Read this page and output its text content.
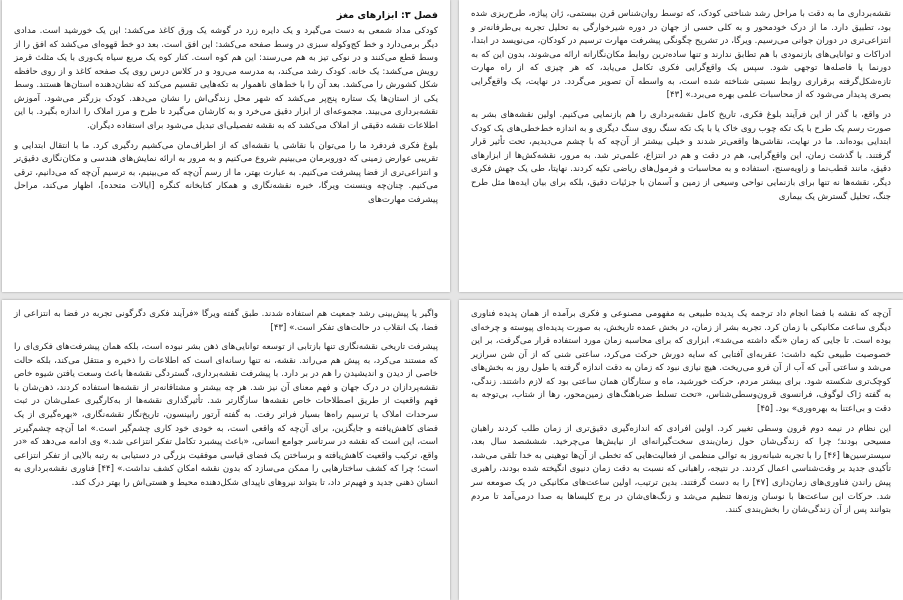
نقشه‌برداری ما به دقت با مراحل رشد شناختی کودک، که توسط روان‌شناس قرن بیستمی، ژان پیاژه، طرح‌ریزی شده بود، تطبیق دارد. ما از درک خودمحور و به کلی حسی از جهان در دوره شیرخوارگی به تحلیل تجربه بی‌طرفانه‌تر و انتزاعی‌تری در دوران جوانی می‌رسیم. ویرگا، در تشریح چگونگی پیشرفت مهارت ترسیم در کودکان، می‌نویسد در ابتدا، ادراکات و توانایی‌های بازنمودی با هم تطابق ندارند و تنها ساده‌ترین روابط مکان‌نگارانه ارائه می‌شوند، بدون این که به دورنما یا فاصله‌ها توجهی شود. سپس یک واقع‌گرایی فکری تکامل می‌یابد، که هر چیزی که از راه مهارت تازه‌شکل‌گرفته برقراری روابط نسبتی شناخته شده است، به واسطه آن تصویر می‌گردد. در نهایت، یک واقع‌گرایی بصری پدیدار می‌شود که از محاسبات علمی بهره می‌برد.» [۴۳]

در واقع، با گذر از این فرآیند بلوغ فکری، تاریخ کامل نقشه‌برداری را هم بازنمایی می‌کنیم. اولین نقشه‌های بشر به صورت رسم یک طرح با یک تکه چوب روی خاک یا با یک تکه سنگ روی سنگ دیگری و به اندازه خط‌خطی‌های یک کودک ابتدایی بوده‌اند. ما در نهایت، نقاشی‌ها واقعی‌تر شدند و خیلی بیشتر از آن‌چه که با چشم می‌دیدیم، تحت تأثیر قرار گرفتند. با گذشت زمان، این واقع‌گرایی، هم در دقت و هم در انتزاع، علمی‌تر شد. به مرور، نقشه‌کش‌ها از ابزارهای دقیق، مانند قطب‌نما و زاویه‌سنج، استفاده و به محاسبات و فرمول‌های ریاضی تکیه کردند. نهایتا، طی یک جهش فکری دیگر، نقشه‌ها نه تنها برای بازنمایی نواحی وسیعی از زمین و آسمان با جزئیات دقیق، بلکه برای بیان ایده‌ها مثل طرح جنگ، تحلیل گسترش یک بیماری

فصل ۳: ابزارهای مغز

کودکی مداد شمعی به دست می‌گیرد و یک دایره زرد در گوشه یک ورق کاغذ می‌کشد: این یک خورشید است. مدادی دیگر برمی‌دارد و خط کج‌وکوله سبزی در وسط صفحه می‌کشد: این افق است. بعد دو خط قهوه‌ای می‌کشد که افق را از وسط قطع می‌کنند و در نوکی تیز به هم می‌رسند: این هم کوه است. کنار کوه یک مربع سیاه یک‌وری با یک مثلث قرمز رویش می‌کشد: یک خانه. کودک رشد می‌کند، به مدرسه می‌رود و در کلاس درس روی یک صفحه کاغذ و از روی حافظه شکل کشورش را می‌کشد. بعد آن را با خط‌های ناهموار به تکه‌هایی تقسیم می‌کند که نشان‌دهنده استان‌ها هستند. وسط یکی از استان‌ها یک ستاره پنج‌پر می‌کشد که شهر محل زندگی‌اش را نشان می‌دهد. کودک بزرگتر می‌شود. آموزش نقشه‌برداری می‌بیند. مجموعه‌ای از ابزار دقیق می‌خرد و به کارشان می‌گیرد تا طرح و مرز املاک را اندازه بگیرد. با این اطلاعات نقشه دقیقی از املاک می‌کشد که به نقشه تفصیلی‌ای تبدیل می‌شود برای استفاده دیگران.

بلوغ فکری فردفرد ما را می‌توان با نقاشی یا نقشه‌ای که از اطراف‌مان می‌کشیم ردگیری کرد. ما با انتقال ابتدایی و تقریبی عوارض زمینی که دوروبرمان می‌بینیم شروع می‌کنیم و به مرور به ارائه نمایش‌های هندسی و مکان‌نگاری دقیق‌تر و انتزاعی‌تری از فضا پیشرفت می‌کنیم. به عبارت بهتر، ما از رسم آن‌چه که می‌بینیم، به ترسیم آن‌چه که می‌دانیم، ترقی می‌کنیم. چنان‌چه وینسنت ویرگا، خبره نقشه‌نگاری و همکار کتابخانه کنگره [ایالات متحده]، اظهار می‌کند، مراحل پیشرفت مهارت‌های

آن‌چه که نقشه با فضا انجام داد ترجمه یک پدیده طبیعی به مفهومی مصنوعی و فکری برآمده از همان پدیده فناوری دیگری ساعت مکانیکی با زمان کرد. تجربه بشر از زمان، در بخش عمده تاریخش، به صورت پدیده‌ای پیوسته و چرخه‌ای بوده است. تا جایی که زمان «نگه داشته می‌شد»، ابزاری که برای محاسبه زمان مورد استفاده قرار می‌گرفت، بر این خصوصیت طبیعی تکیه داشت: عقربه‌ای آفتابی که سایه دورش حرکت می‌کرد، ساعتی شنی که از آن شن سرازیر می‌شد و ساعتی آبی که آب از آن فرو می‌ریخت. هیچ نیازی نبود که زمان به دقت اندازه گرفته یا طول روز به بخش‌های کوچک‌تری شکسته شود. برای بیشتر مردم، حرکت خورشید، ماه و ستارگان همان ساعتی بود که لازم داشتند. زندگی، به گفته ژاک لوگوف، فرانسوی قرون‌وسطی‌شناس، «تحت تسلط ضرباهنگ‌های زمین‌محور، رها از شتاب، بی‌توجه به دقت و بی‌اعتنا به بهره‌وری» بود. [۴۵]

این نظام در نیمه دوم قرون وسطی تغییر کرد. اولین افرادی که اندازه‌گیری دقیق‌تری از زمان طلب کردند راهبان مسیحی بودند؛ چرا که زندگی‌شان حول زمان‌بندی سخت‌گیرانه‌ای از نیایش‌ها می‌چرخید. شششصد سال بعد، سیسترسین‌ها [۴۶] را با تجربه شبانه‌روز به توالی منظمی از فعالیت‌هایی که تخطی از آن‌ها توهینی به خدا تلقی می‌شد، تأکیدی جدید بر وقت‌شناسی اعمال کردند. در نتیجه، راهبانی که نسبت به دقت زمان دنیوی انگیخته شده بودند، راهبری پیش راندن فناوری‌های زمان‌داری [۴۷] را به دست گرفتند. بدین ترتیب، اولین ساعت‌های مکانیکی در یک صومعه سر شد. حرکات این ساعت‌ها با نوسان وزنه‌ها تنظیم می‌شد و زنگ‌های‌شان در برج کلیساها به صدا درمی‌آمد تا مردم بتوانند پس از آن زندگی‌شان را بخش‌بندی کنند.

واگیر یا پیش‌بینی رشد جمعیت هم استفاده شدند. طبق گفته ویرگا «فرآیند فکری دگرگونی تجربه در فضا به انتزاعی از فضا، یک انقلاب در حالت‌های تفکر است.» [۴۳]

پیشرفت تاریخی نقشه‌نگاری تنها بازتابی از توسعه توانایی‌های ذهن بشر نبوده است، بلکه همان پیشرفت‌های فکری‌ای را که مستند می‌کرد، به پیش هم می‌راند. نقشه، نه تنها رسانه‌ای است که اطلاعات را ذخیره و منتقل می‌کند، بلکه حالت خاصی از دیدن و اندیشیدن را هم در بر دارد. با پیشرفت نقشه‌برداری، گستردگی نقشه‌ها باعث وسعت یافتن شیوه خاص نقشه‌پردازان در درک جهان و فهم معنای آن نیز شد. هر چه بیشتر و مشتاقانه‌تر از نقشه‌ها استفاده کردند، ذهن‌شان با فهم واقعیت از طریق اصطلاحات خاص نقشه‌ها سازگارتر شد. تأثیرگذاری نقشه‌ها از به‌کارگیری عملی‌شان در ثبت سرحدات املاک یا ترسیم راه‌ها بسیار فراتر رفت. به گفته آرتور رابینسون، تاریخ‌نگار نقشه‌نگاری، «بهره‌گیری از یک فضای کاهش‌یافته و جایگزین، برای آن‌چه که واقعی است، به خودی خود کاری چشم‌گیر است.» اما آن‌چه چشم‌گیرتر است، این است که نقشه در سرتاسر جوامع انسانی، «باعث پیشبرد تکامل تفکر انتزاعی شد.» وی ادامه می‌دهد که «در واقع، ترکیب واقعیت کاهش‌یافته و برساختن یک فضای قیاسی موفقیت بزرگی در دستیابی به رتبه بالایی از تفکر انتزاعی است؛ چرا که کشف ساختارهایی را ممکن می‌سازد که بدون نقشه امکان کشف نداشت.» [۴۴] فناوری نقشه‌برداری به انسان ذهنی جدید و فهیم‌تر داد، تا بتواند نیروهای ناپیدای شکل‌دهنده محیط و هستی‌اش را بهتر درک کند.
